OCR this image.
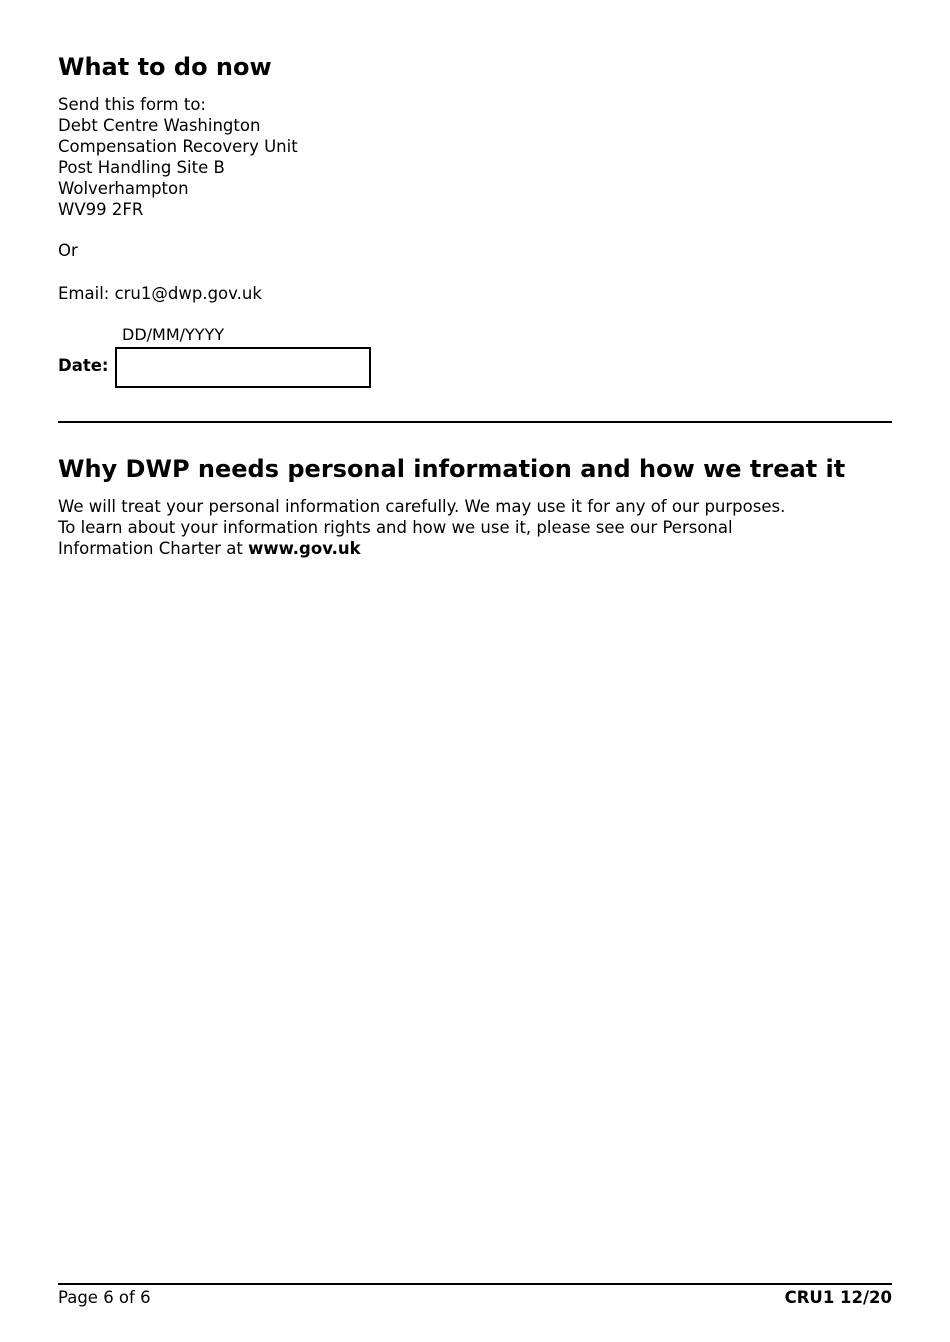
What to do now
Send this form to:
Debt Centre Washington
Compensation Recovery Unit
Post Handling Site B
Wolverhampton
WV99 2FR
Or
Email: cru1@dwp.gov.uk
DD/MM/YYYY
Date:
Why DWP needs personal information and how we treat it
We will treat your personal information carefully. We may use it for any of our purposes.
To learn about your information rights and how we use it, please see our Personal
Information Charter at www.gov.uk
Page 6 of 6	CRU1 12/20
